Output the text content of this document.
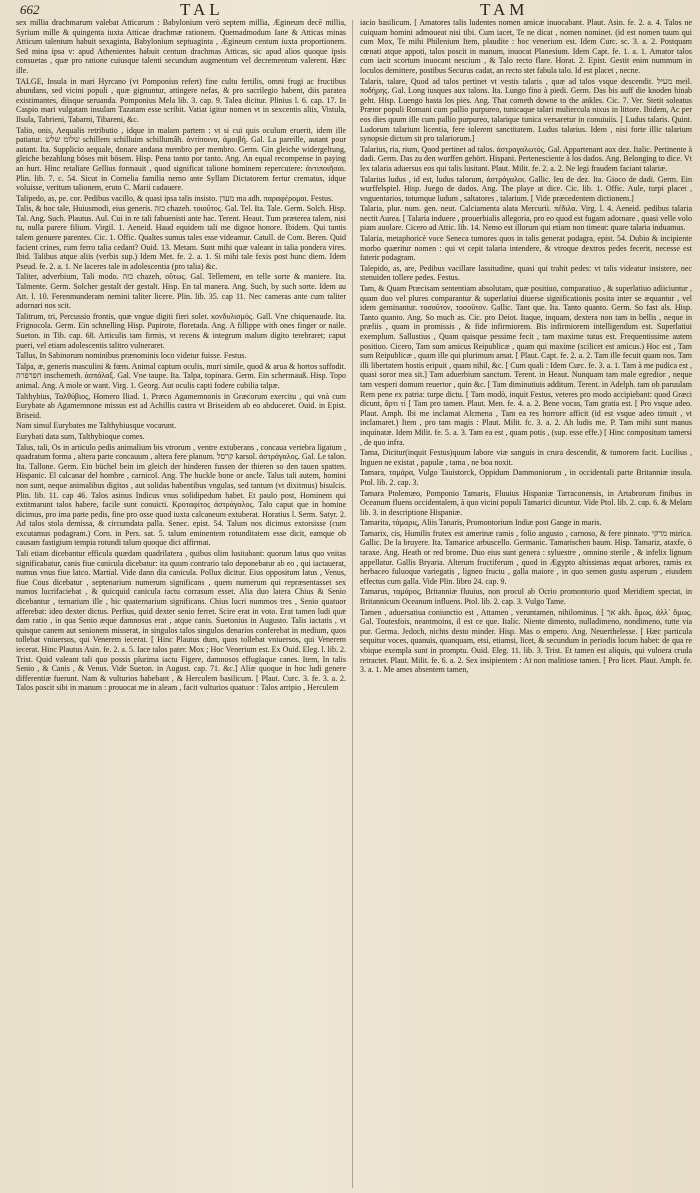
662	TAL	TAM

sex millia drachmarum valebat Atticarum : Babylonium verò septem millia, Ægineum decē millia, Syrium mille & quingenta iuxta Atticae drachmæ rationem. Quemadmodum Iane & Atticas minas Atticum talentum habuit sexaginta, Babylonium septuaginta , Ægineum centum iuxta proportionem. Sed mina ipsa v: apud Athenientes habuit centum drachmas Atticas, sic apud alios quoque ipsis consuetas , quæ pro ratione cuiusque talenti secundum augmentum vel decrementum valerent. Hæc ille.

TALGE, Insula in mari Hyrcano (vt Pomponius refert) fine cultu fertilis, omni frugi ac fructibus abundans, sed vicini populi , quæ gignuntur, attingere nefas, & pro sacrilegio habent, diis paratea existimantes, diisque seruanda. Pomponius Mela lib. 3. cap. 9. Talea dicitur. Plinius l. 6. cap. 17. In Caspio mari vulgatam insulam Tazatam esse scribit. Vatiat igitur nomen vt in sexcentis aliis, Vistula, Ilsula, Tabrieni, Tabarni, Tibareni, &c.

Talio, onis, Aequalis retributio , idque in malam partem : vt si cui quis oculum eruerit, idem ille patiatur. שלומ שלש schillem schilluim schillumâh. ἀντίποινα, ἀμοιβή. Gal. La pareille, autant pour autant. Ita. Supplicio aequale, donare andana membro per membro. Germ. Gin gleiche widergeltung, gleiche bezahlung böses mit bösem. Hisp. Pena tanto por tanto. Ang. An equal recompense in paying an hurt. Hinc retaliare Gellius formauit , quod significat talione hominem repercutere: ἀντιποιῆσαι. Plin. lib. 7. c. 54. Sicut in Cornelia familia nemo ante Syllam Dictatorem fertur crematus, idque voluisse, veritum talionem, eruto C. Marii cadauere.

Talipedo, as, pe. cor. Pedibus vacillo, & quasi ipsa talis insisto. מעדן ma adh. παραφέρομαι. Festus.

Talis, & hoc tale, Huiusmodi, eius generis. כזה chazeh. τοιοῦτος. Gal. Tel. Ita. Tale. Germ. Solch. Hisp. Tal. Ang. Such. Plautus. Aul. Cui in re tali fabuenisti ante hac. Terent. Heaut. Tum præterea talem, nisi tu, nulla parere filium. Virgil. 1. Aeneid. Haud equidem tali me dignor honore. Ibidem. Qui tantis talem genuere parentes. Cic. 1. Offic. Qualtes sumus tales esse videamur. Catull. de Com. Beren. Quid facient crines, cum ferro talia cedant? Ouid. 13. Metam. Sunt mihi quæ valeant in talia pondera vires. Ibid. Talibus atque aliis (verbis sup.) Idem Met. fe. 2. a. 1. Si mihi tale fexis post hunc diem. Idem Pseud. fe. 2. a. 1. Ne laceres tale in adolescentia (pro talia) &c.

Taliter, adverbium, Tali modo. כזה chazeh, οὕτως. Gal. Tellement, en telle sorte & maniere. Ita. Talmente. Germ. Solcher gestalt der gestalt. Hisp. En tal manera. Ang. Such, by such sorte. Idem au Att. l. 10. Ferenmunderam nemini taliter licere. Plin. lib. 35. cap 11. Nec cameras ante cum taliter adornari nos scit.

Talitrum, tri, Percussio frontis, quæ vngue digiti fieri solet. κονδυλισμός. Gall. Vne chiquenaude. Ita. Frignocola. Germ. Ein schnelling Hisp. Papirote, floretada. Ang. A fillippe with ones finger or naile. Sueton. in Tib. cap. 68. Articulis tam firmis, vt recens & integrum malum digito terebraret; caput pueri, vel etiam adolescentis talitro vulneraret.

Tallus, In Sabinorum nominibus prænominis loco videtur fuisse. Festus.

Talpa, æ, generis masculini & fœm. Animal captum oculis, muri simile, quod & arua & hortos suffodit. חפרפרה inschemeth. ἀσπάλαξ. Gal. Vne taupe. Ita. Talpa, topinara. Germ. Ein schermauß. Hisp. Topo animal. Ang. A mole or want. Virg. 1. Georg. Aut oculis capti fodere cubilia talpæ.

Talthybius, Ταλθύβιος, Homero Iliad. 1. Præco Agamemnonis in Græcorum exercitu , qui vnà cum Eurybate ab Agamemnone missus est ad Achillis castra vt Briseidem ab eo abduceret. Ouid. in Epist. Briseid.

Nam simul Eurybates me Talthybiusque vocarunt.

Eurybati data sum, Talthybioque comes.

Talus, tali, Os in articulo pedis animalium bis vtrorum , ventre extuberans , concaua vertebra ligatum , quadratum forma , altera parte concauum , altera fere planum. קרסל karsol. ἀστράγαλος. Gal. Le talon. Ita. Tallone. Germ. Ein büchel bein im gleich der hinderen fussen der thieren so den tauen spatten. Hispanic. El calcanar del hombre , carnicol. Ang. The huckle bone or ancle. Talus tali autem, homini non sunt, neque animalibus digitos , aut solidas habentibus vngulas, sed tantum (vt dixitmus) bisulcis. Plin. lib. 11. cap 46. Talos asinus Indicus vnus solidipedum habet. Et paulo post, Hominem qui extitmarunt talos habere, facile sunt conuicti. Κροταφίτος ἀστράγαλος. Talo caput que in homine dicimus, pro ima parte pedis, fine pro osse quod iuxta calcaneum extuberat. Horatius l. Serm. Satyr. 2. Ad talos stola demissa, & circumdata palla. Senec. epist. 54. Talum nos dicimus extorsisse (cum excutamus podagram.) Corn. in Pers. sat. 5. talum eminentem rotunditatem esse dicit, eamque ob causam fastigium tempia rotundi talum quoque dici affirmat.

Tali etiam dicebantur efficula quædam quadrilatera , quibus olim lusitabant: quorum latus quo vnitas significabatur, canis fiue canicula dicebatur: ita quum contrario talo deponebatur ab eo , qui iactauerat, numus vnus fiue latco. Martial. Vide dann dia canicula. Pollux dicitur. Eius oppositum latus , Venus, fiue Cous dicebatur , septenarium numerum significans , quem numerum qui repræsentasset sex numos lucrifaciebat , & quicquid canicula iactu corrasum esset. Alia duo latera Chius & Senio dicebantur , ternarium ille , hic quaternarium significans. Chius lucri nummos tres , Senio quatuor afferebat: ideo dexter dictus. Perfius, quid dexter senio ferret. Scire erat in voto. Erat tamen ludi quæ dam ratio , in qua Senio æque damnosus erat , atque canis. Suetonius in Augusto. Talis iactatis , vt quisque canem aut senionem misserat, in singulos talos singulos denarios conferebat in medium, quos tollebat vniuersos, qui Venerem iecerat. [ Hinc Plautus dum, quos tollebat vniuersos, qui Venerem iecerat. Hinc Plautus Asin. fe. 2. a. 5. Iace talos pater. Mox ; Hoc Venerium est. Ex Ouid. Eleg. l. lib. 2. Trist. Quid valeant tali quo possis plurima iactu Figere, damnosos effugiaque canes. Item, In talis Senio , & Canis , & Venus. Vide Sueton. in August. cap. 71. &c.] Aliæ quoque in hoc ludi genere differentiæ fuerunt. Nam & vulturios habebant , & Herculem basilicum. [ Plaut. Curc. 3. fe. 3. a. 2. Talos poscit sibi in manum : prouocat me in aleam , facit vulturios quatuor : Talos arripio , Herculem

iacio basilicum. [ Amatores talis ludentes nomen amicæ inuocabant. Plaut. Asin. fe. 2. a. 4. Talos ne cuiquam homini admoueat nisi tibi. Cum iacet, Te ne dicat , nomen nominet. (id est nomen tuum qui cum Mox, Te mihi Philenium Item, plaudite : hoc venerium est. Idem Curc. sc. 3. a. 2. Postquam cœnati atque appoti, talos poscit in manum, inuocat Planesium. Idem Capt. fe. 1. a. 1. Amator talos cum iacit scortum inuocant nescium , & Talo recto flare. Horat. 2. Epist. Gestit enim nummum in loculos demittere, postibus Securus cadat, an recto stet fabula talo. Id est placet , necne.

Talaris, talare, Quod ad talos pertinet vt vestis talaris , quæ ad talos vsque descendit. מעיל meil. ποδήρης. Gal. Long iusques aux talons. Ita. Lungo fino à piedi. Germ. Das bis auff die knoden hinab geht. Hisp. Luengo hasta los pies. Ang. That cometh downe to the ankles. Cic. 7. Ver. Stetit soleatus Prætor populi Romani cum pallio purpureo, tunicaque talari muliercula nixus in littore. Ibidem, Ac per eos dies quum ille cum pallio purpureo, talarique tunica versaretur in conuiuiis. [ Ludus talaris. Quint. Ludorum talarium licentia, fere tolerent sanctitatem. Ludus talarius. Idem , nisi forte illic talarium synopsie dictum sit pro talariorum.]

Talarius, ria, rium, Quod pertinet ad talos. ἀστραγαλωτός. Gal. Appartenant aux dez. Italic. Pertinente à dadi. Germ. Das zu den wurffen gehört. Hispani. Pertenesciente à los dados. Ang. Belonging to dice. Vt lex talaria aduersus eos qui talis lusitant. Plaut. Milit. fe. 2. a. 2. Ne legi fraudem faciant talariæ.

Talarius ludus , id est, ludus talorum, ἀστράγαλοι. Gallic. Ieu de dez. Ita. Gioco de dadi. Germ. Ein wurffelspiel. Hisp. Juego de dados. Ang. The playe at dice. Cic. lib. 1. Offic. Aule, turpi placet , vnguentarios, totumque ludum , saltatores , talarium. [ Vide præcedentem dictionem.]

Talaria, plur. num. gen. neut. Calciamenta alata Mercurii. πέδιλα. Virg. l. 4. Aeneid. pedibus talaria nectit Aurea. [ Talaria induere , prouerbialis allegoria, pro eo quod est fugam adornare , quasi velle volo piam auolare. Cicero ad Attic. lib. 14. Nemo est illorum qui etiam non timeat: quare talaria induamus.

Talaria, metaphoricè voce Seneca tumores quos in talis generat podagra, epist. 54. Dubio & incipiente morbo quæritur nomen : qui vt cepit talaria intendere, & vtroque dextros pedes fecerit, necesse est faterir podagram.

Talepido, as, are, Pedibus vacillare lassitudine, quasi qui trahit pedes: vt talis videatur insistere, nec stenuiden tollere pedes. Festus.

Tam, & Quam Præcisam sententiam absolutam, quæ positiuo, comparatiuo , & superlatiuo adiiciuntur , quam duo vel plures comparantur & superlatiui diuerse significationis posita inter se æquantur , vel idem geminantur. τοσοῦτον, τοσοῦτον. Gallic. Tant que. Ita. Tanto quanto. Germ. So fast als. Hisp. Tanto quanto. Ang. So much as. Cic. pro Deiot. Itaque, inquam, dextera non tam in bellis , neque in præliis , quam in promissis , & fide infirmiorem. Bis infirmiorem intelligendum est. Superlatiui exemplum. Sallustius , Quam quisque pessime fecit , tam maxime tutus est. Frequentissime autem positiuo. Cicero, Tam sum amicus Reipublicæ , quam qui maxime (scilicet est amicus.) Hoc est , Tam sum Reipublicæ , quam ille qui plurimum amat. [ Plaut. Capt. fe. 2. a. 2. Tam ille fecuit quam nos. Tam illi libertatem hostis eripuit , quam nihil, &c. [ Cum quali : Idem Curc. fe. 3. a. 1. Tam à me pudica est , quasi soror mea sit.] Tam aduerbium sanctum. Terent. in Heaut. Nunquam tam male egredior , neque tam vesperi domum reuertor , quin &c. [ Tam diminutiuis additum. Terent. in Adelph. tam ob paruulam Rem pene ex patria: turpe dictu. [ Tam modò, inquit Festus, veteres pro modo accipiebant: quod Græci dicunt, ἄρτι τί [ Tam pro tamen. Plaut. Men. fe. 4. a. 2. Bene vocas, Tam gratia est. [ Pro vsque adeo. Plaut. Amph. Ibi me inclamat Alcmena , Tam ea res horrore afficit (id est vsque adeo timuit , vt inclamaret.) Item , pro tam magis : Plaut. Milit. fc. 3. a. 2. Ah ludis me. P. Tam mihi sunt manus inquinatæ. Idem Milit. fe. 5. a. 3. Tam ea est , quam potis , (sup. esse effe.) [ Hinc compositum tamersi , de quo infra.

Tama, Dicitur(inquit Festus)quum labore viæ sanguis in crura descendit, & tumorem facit. Lucilius , Inguen ne existat , papulæ , tama , ne boa noxit.

Tamara, ταμάρα, Vulgo Tauistorck, Oppidum Dammoniorum , in occidentali parte Britanniæ insula. Ptol. lib. 2. cap. 3.

Tamara Ptolemæo, Pomponio Tamaris, Fluuius Hispaniæ Tarraconensis, in Artabrorum finibus in Oceanum fluens occidentalem, à quo vicini populi Tamarici dicuntur. Vide Ptol. lib. 2. cap. 6. & Melam lib. 3. in descriptione Hispaniæ.

Tamarita, τάμαρις, Aliis Tanaris, Promontorium Indiæ post Gange in maris.

Tamarix, cis, Humilis frutex est amerinæ ramis , folio angusto , carnoso, & fere pinnato. מרקי mirica. Gallic. De la bruyere. Ita. Tamarice arbuscello. Germanic. Tamarischen baum. Hisp. Tamariz, ataxfe, ò taraxe. Ang. Heath or red brome. Duo eius sunt genera : syluestre , omnino sterile , & infelix lignum appellatur. Gallis Bryaria. Alterum fructiferum , quod in Ægypto altissimas æquat arbores, ramis ex herbaceo fuluoque variegatis , ligneo fructu , galla maiore , in quo semen gustu asperum , eiusdem effectus cum galla. Vide Plin. libro 24. cap. 9.

Tamarus, ταμάρος, Britanniæ fluuius, non procul ab Ocrio promontorio quod Meridiem spectat, in Britannicum Oceanum influens. Ptol. lib. 2. cap. 3. Vulgo Tame.

Tamen , aduersatiua coniunctio est , Attamen , veruntamen, nihilominus. [ אך akh. ὅμως, ἀλλ᾽ ὅμως. Gal. Toutesfois, neantmoins, il est ce que. Italic. Niente dimento, nulladimeno, nondimeno, tutte via pur. Germa. Jedoch, nichts desto minder. Hisp. Mas o empero. Ang. Neuerthelesse. [ Hæc particula sequitur voces, quanuis, quanquam, etsi, etiamsi, licet, & secundum in periodis locum habet: de qua re vbique exempla sunt in promptu. Ouid. Eleg. 11. lib. 3. Trist. Et tamen est aliquis, qui vulnera cruda retractet. Plaut. Milit. fe. 6. a. 2. Sex insipientem : At non malitiose tamen. [ Pro licet. Plaut. Amph. fe. 3. a. 1. Me ames absentem tamen,
